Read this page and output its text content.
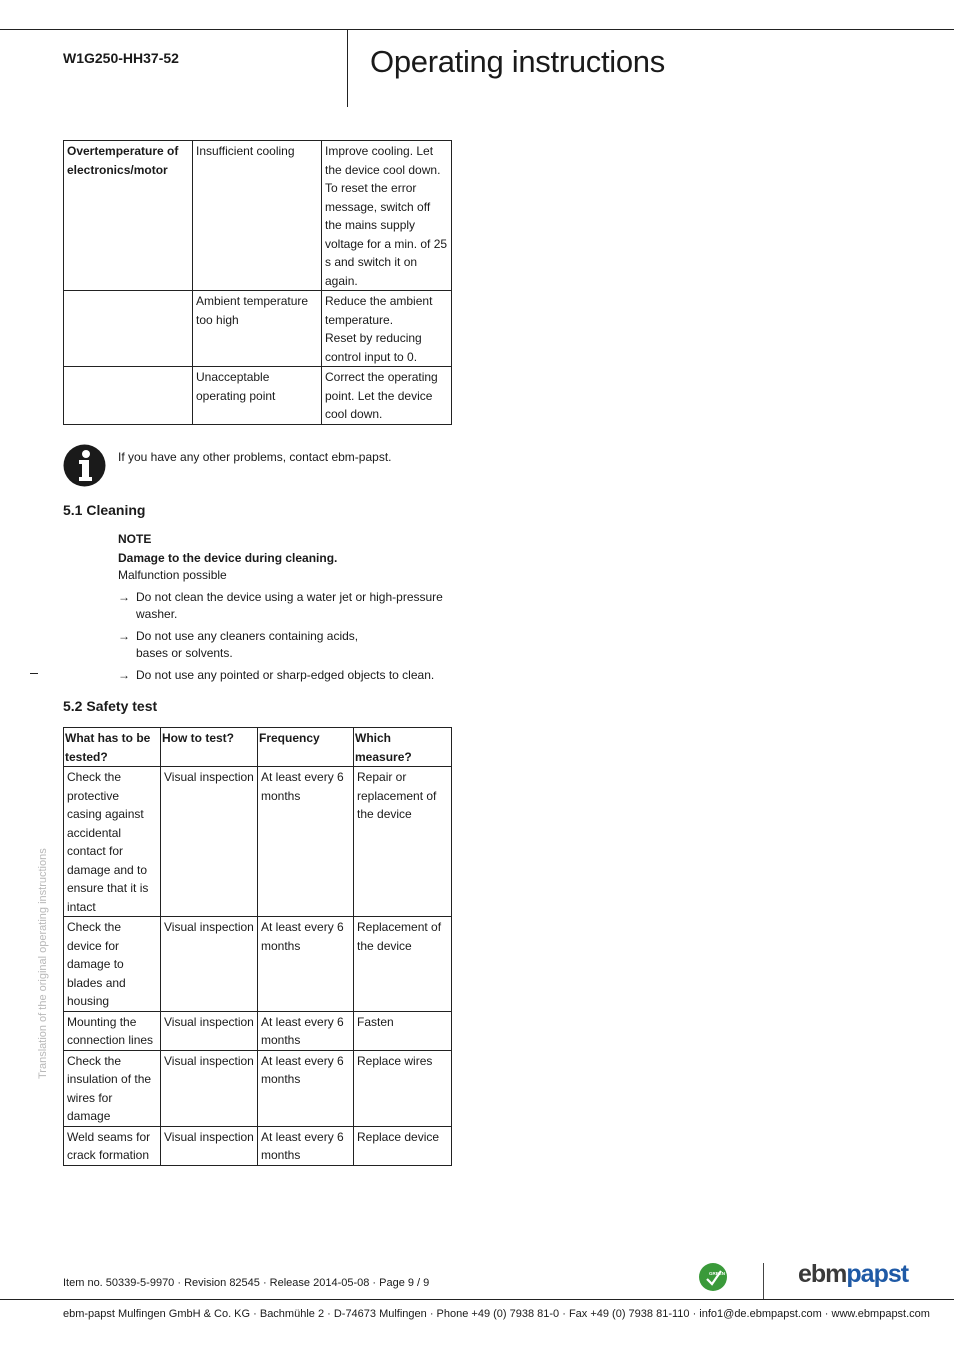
W1G250-HH37-52	Operating instructions
Overtemperature of electronics/motor	Insufficient cooling	Improve cooling. Let the device cool down.
To reset the error message, switch off the mains supply voltage for a min. of 25 s and switch it on again.
	Ambient temperature too high	Reduce the ambient temperature.
Reset by reducing control input to 0.
	Unacceptable operating point	Correct the operating point. Let the device cool down.
If you have any other problems, contact ebm-papst.
5.1 Cleaning
NOTE
Damage to the device during cleaning.
Malfunction possible
→ Do not clean the device using a water jet or high-pressure washer.
→ Do not use any cleaners containing acids, bases or solvents.
→ Do not use any pointed or sharp-edged objects to clean.
5.2 Safety test
What has to be tested?	How to test?	Frequency	Which measure?
Check the protective casing against accidental contact for damage and to ensure that it is intact	Visual inspection	At least every 6 months	Repair or replacement of the device
Check the device for damage to blades and housing	Visual inspection	At least every 6 months	Replacement of the device
Mounting the connection lines	Visual inspection	At least every 6 months	Fasten
Check the insulation of the wires for damage	Visual inspection	At least every 6 months	Replace wires
Weld seams for crack formation	Visual inspection	At least every 6 months	Replace device
Translation of the original operating instructions
Item no. 50339-5-9970 · Revision 82545 · Release 2014-05-08 · Page 9 / 9
GREEN TECH ebmpapst
ebm-papst Mulfingen GmbH & Co. KG · Bachmühle 2 · D-74673 Mulfingen · Phone +49 (0) 7938 81-0 · Fax +49 (0) 7938 81-110 · info1@de.ebmpapst.com · www.ebmpapst.com
